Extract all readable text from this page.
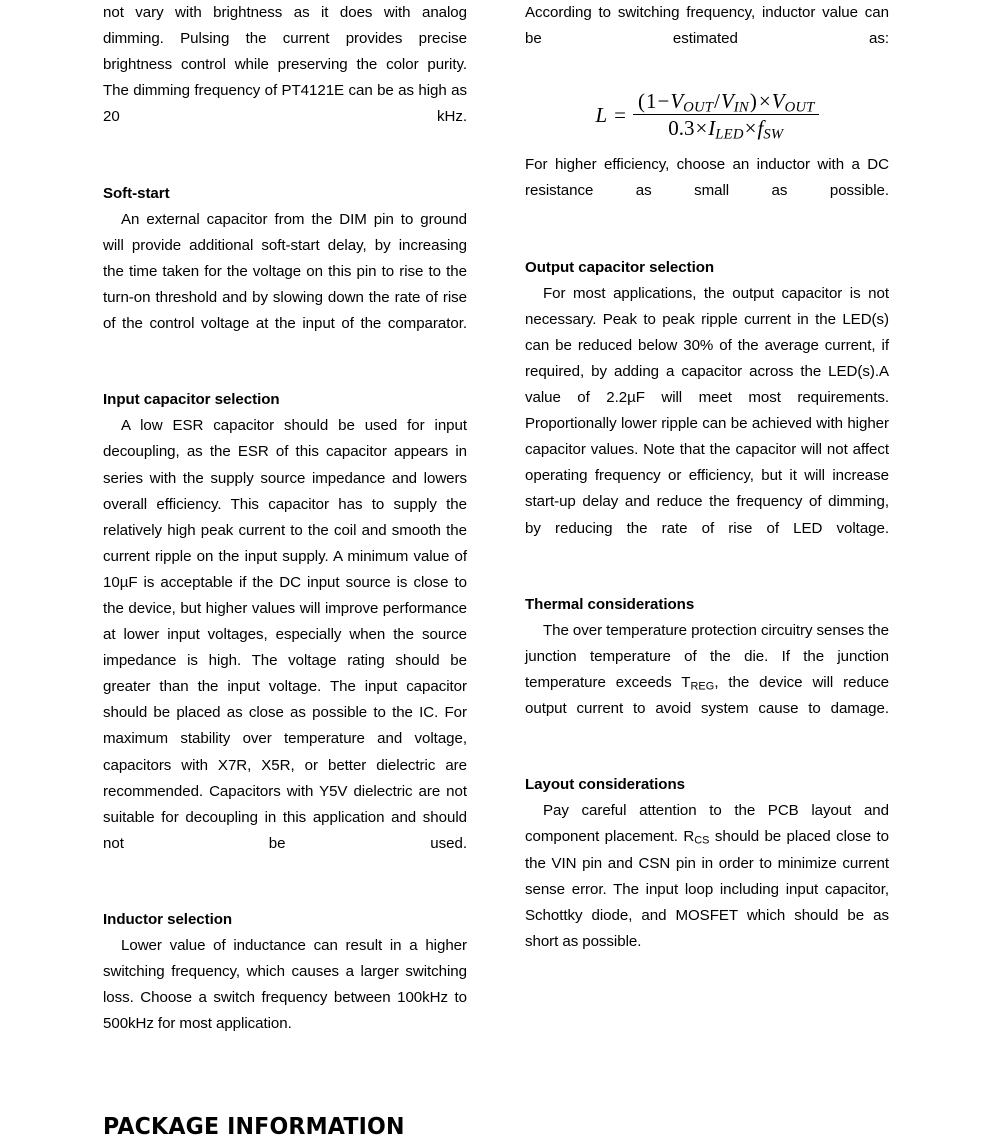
not vary with brightness as it does with analog dimming. Pulsing the current provides precise brightness control while preserving the color purity. The dimming frequency of PT4121E can be as high as 20 kHz.

Soft-start

An external capacitor from the DIM pin to ground will provide additional soft-start delay, by increasing the time taken for the voltage on this pin to rise to the turn-on threshold and by slowing down the rate of rise of the control voltage at the input of the comparator.

Input capacitor selection

A low ESR capacitor should be used for input decoupling, as the ESR of this capacitor appears in series with the supply source impedance and lowers overall efficiency. This capacitor has to supply the relatively high peak current to the coil and smooth the current ripple on the input supply. A minimum value of 10µF is acceptable if the DC input source is close to the device, but higher values will improve performance at lower input voltages, especially when the source impedance is high. The voltage rating should be greater than the input voltage. The input capacitor should be placed as close as possible to the IC. For maximum stability over temperature and voltage, capacitors with X7R, X5R, or better dielectric are recommended. Capacitors with Y5V dielectric are not suitable for decoupling in this application and should not be used.

Inductor selection

Lower value of inductance can result in a higher switching frequency, which causes a larger switching loss. Choose a switch frequency between 100kHz to 500kHz for most application.

According to switching frequency, inductor value can be estimated as:

$L = \frac{\text{(1−VOUT/VIN)×VOUT}}{\text{0.3×ILED×fSW}}$

For higher efficiency, choose an inductor with a DC resistance as small as possible.

Output capacitor selection

For most applications, the output capacitor is not necessary. Peak to peak ripple current in the LED(s) can be reduced below 30% of the average current, if required, by adding a capacitor across the LED(s).A value of 2.2µF will meet most requirements. Proportionally lower ripple can be achieved with higher capacitor values. Note that the capacitor will not affect operating frequency or efficiency, but it will increase start-up delay and reduce the frequency of dimming, by reducing the rate of rise of LED voltage.

Thermal considerations

The over temperature protection circuitry senses the junction temperature of the die. If the junction temperature exceeds $T_{REG}$, the device will reduce output current to avoid system cause to damage.

Layout considerations

Pay careful attention to the PCB layout and component placement. $R_{CS}$ should be placed close to the VIN pin and CSN pin in order to minimize current sense error. The input loop including input capacitor, Schottky diode, and MOSFET which should be as short as possible.

PACKAGE INFORMATION
